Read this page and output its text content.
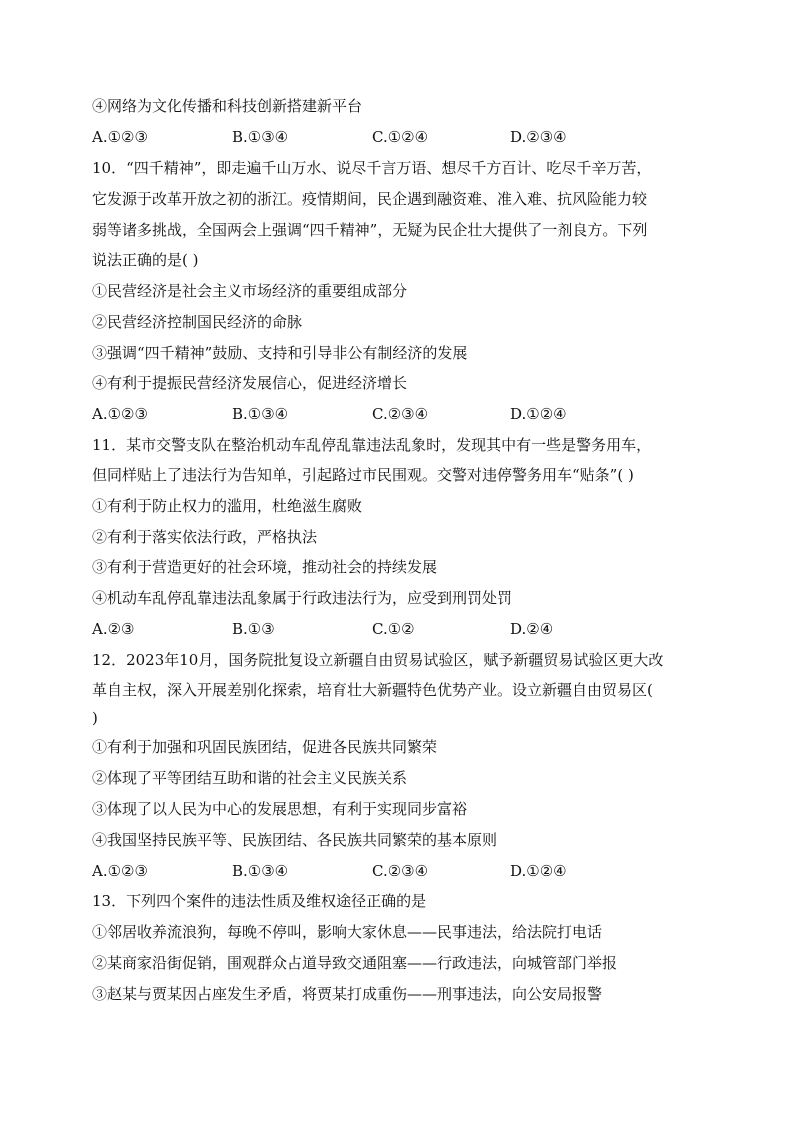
④网络为文化传播和科技创新搭建新平台
A.①②③	B.①③④	C.①②④	D.②③④
10．“四千精神”，即走遍千山万水、说尽千言万语、想尽千方百计、吃尽千辛万苦，
它发源于改革开放之初的浙江。疫情期间，民企遇到融资难、准入难、抗风险能力较
弱等诸多挑战，全国两会上强调“四千精神”，无疑为民企壮大提供了一剂良方。下列
说法正确的是( )
①民营经济是社会主义市场经济的重要组成部分
②民营经济控制国民经济的命脉
③强调“四千精神”鼓励、支持和引导非公有制经济的发展
④有利于提振民营经济发展信心，促进经济增长
A.①②③	B.①③④	C.②③④	D.①②④
11．某市交警支队在整治机动车乱停乱靠违法乱象时，发现其中有一些是警务用车，
但同样贴上了违法行为告知单，引起路过市民围观。交警对违停警务用车“贴条”( )
①有利于防止权力的滥用，杜绝滋生腐败
②有利于落实依法行政，严格执法
③有利于营造更好的社会环境，推动社会的持续发展
④机动车乱停乱靠违法乱象属于行政违法行为，应受到刑罚处罚
A.②③	B.①③	C.①②	D.②④
12．2023年10月，国务院批复设立新疆自由贸易试验区，赋予新疆贸易试验区更大改
革自主权，深入开展差别化探索，培育壮大新疆特色优势产业。设立新疆自由贸易区(
)
①有利于加强和巩固民族团结，促进各民族共同繁荣
②体现了平等团结互助和谐的社会主义民族关系
③体现了以人民为中心的发展思想，有利于实现同步富裕
④我国坚持民族平等、民族团结、各民族共同繁荣的基本原则
A.①②③	B.①③④	C.②③④	D.①②④
13．下列四个案件的违法性质及维权途径正确的是
①邻居收养流浪狗，每晚不停叫，影响大家休息——民事违法，给法院打电话
②某商家沿街促销，围观群众占道导致交通阻塞——行政违法，向城管部门举报
③赵某与贾某因占座发生矛盾，将贾某打成重伤——刑事违法，向公安局报警
